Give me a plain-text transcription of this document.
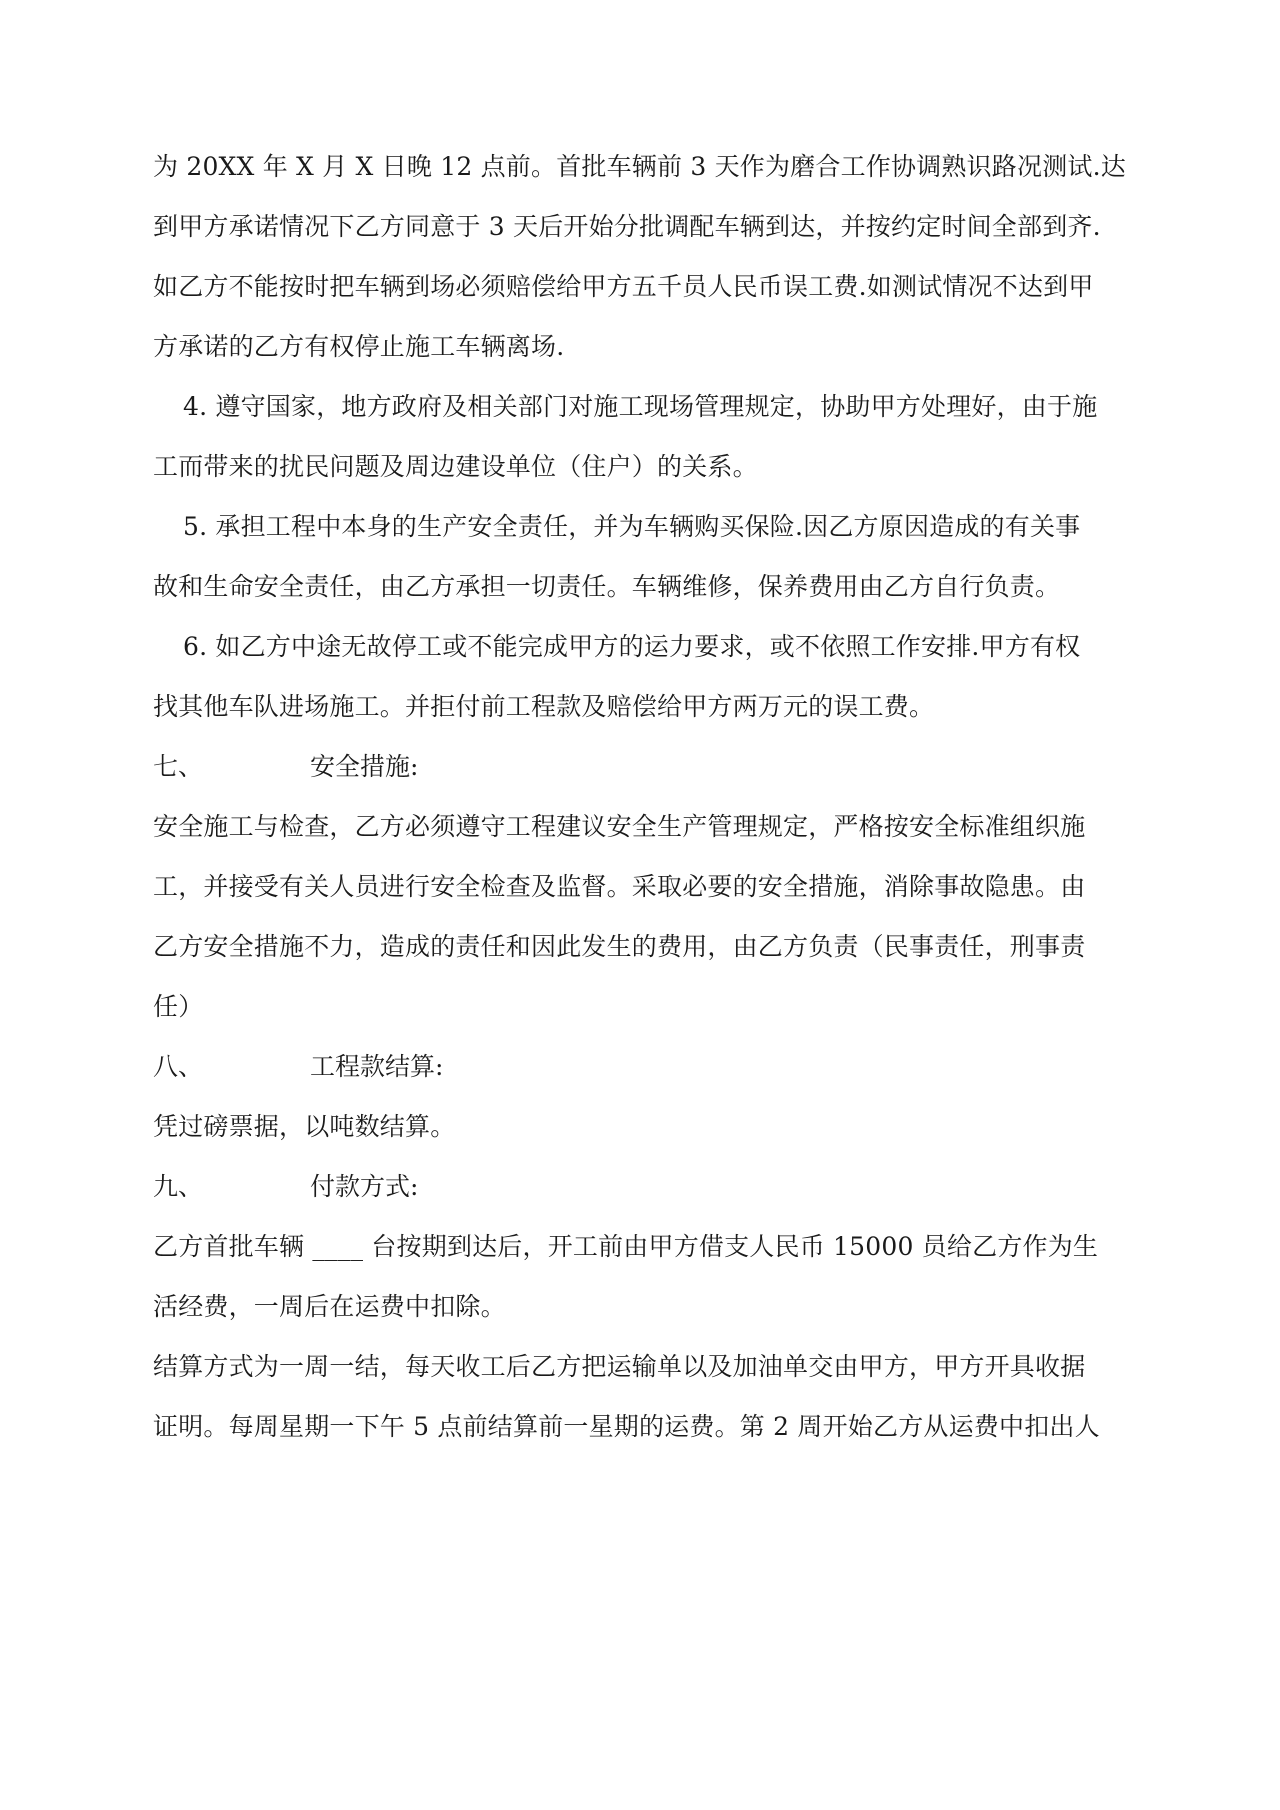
为 20XX 年 X 月 X 日晚 12 点前。首批车辆前 3 天作为磨合工作协调熟识路况测试.达
到甲方承诺情况下乙方同意于 3 天后开始分批调配车辆到达，并按约定时间全部到齐.
如乙方不能按时把车辆到场必须赔偿给甲方五千员人民币误工费.如测试情况不达到甲
方承诺的乙方有权停止施工车辆离场.
4. 遵守国家，地方政府及相关部门对施工现场管理规定，协助甲方处理好，由于施
工而带来的扰民问题及周边建设单位（住户）的关系。
5. 承担工程中本身的生产安全责任，并为车辆购买保险.因乙方原因造成的有关事
故和生命安全责任，由乙方承担一切责任。车辆维修，保养费用由乙方自行负责。
6. 如乙方中途无故停工或不能完成甲方的运力要求，或不依照工作安排.甲方有权
找其他车队进场施工。并拒付前工程款及赔偿给甲方两万元的误工费。
七、	安全措施:
安全施工与检查，乙方必须遵守工程建议安全生产管理规定，严格按安全标准组织施
工，并接受有关人员进行安全检查及监督。采取必要的安全措施，消除事故隐患。由
乙方安全措施不力，造成的责任和因此发生的费用，由乙方负责（民事责任，刑事责
任）
八、	工程款结算:
凭过磅票据，以吨数结算。
九、	付款方式:
乙方首批车辆 ____ 台按期到达后，开工前由甲方借支人民币 15000 员给乙方作为生
活经费，一周后在运费中扣除。
结算方式为一周一结，每天收工后乙方把运输单以及加油单交由甲方，甲方开具收据
证明。每周星期一下午 5 点前结算前一星期的运费。第 2 周开始乙方从运费中扣出人
